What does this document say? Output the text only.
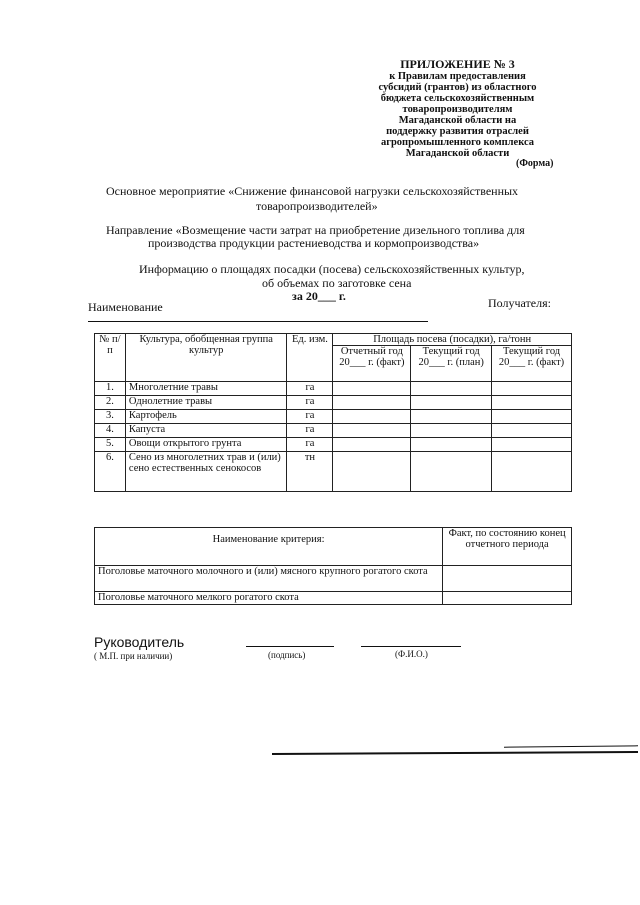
ПРИЛОЖЕНИЕ № 3
к Правилам предоставления
субсидий (грантов) из областного
бюджета сельскохозяйственным
товаропроизводителям
Магаданской области на
поддержку развития отраслей
агропромышленного комплекса
Магаданской области
(Форма)
Основное мероприятие «Снижение финансовой нагрузки сельскохозяйственных
товаропроизводителей»
Направление «Возмещение части затрат на приобретение дизельного топлива для
производства продукции растениеводства и кормопроизводства»
Информацию о площадях посадки (посева) сельскохозяйственных культур,
об объемах по заготовке сена
за 20___ г.
Наименование	Получателя:
№ п/п	Культура, обобщенная группа культур	Ед. изм.	Площадь посева (посадки), га/тонн		
			Отчетный год 20___ г. (факт)	Текущий год 20___ г. (план)	Текущий год 20___ г. (факт)
1.	Многолетние травы	га			
2.	Однолетние травы	га			
3.	Картофель	га			
4.	Капуста	га			
5.	Овощи открытого грунта	га			
6.	Сено из многолетних трав и (или) сено естественных сенокосов	тн			
Наименование критерия:	Факт, по состоянию конец отчетного периода
Поголовье маточного молочного и (или) мясного крупного рогатого скота	
Поголовье маточного мелкого рогатого скота	
Руководитель
( М.П. при наличии)	(подпись)	(Ф.И.О.)
